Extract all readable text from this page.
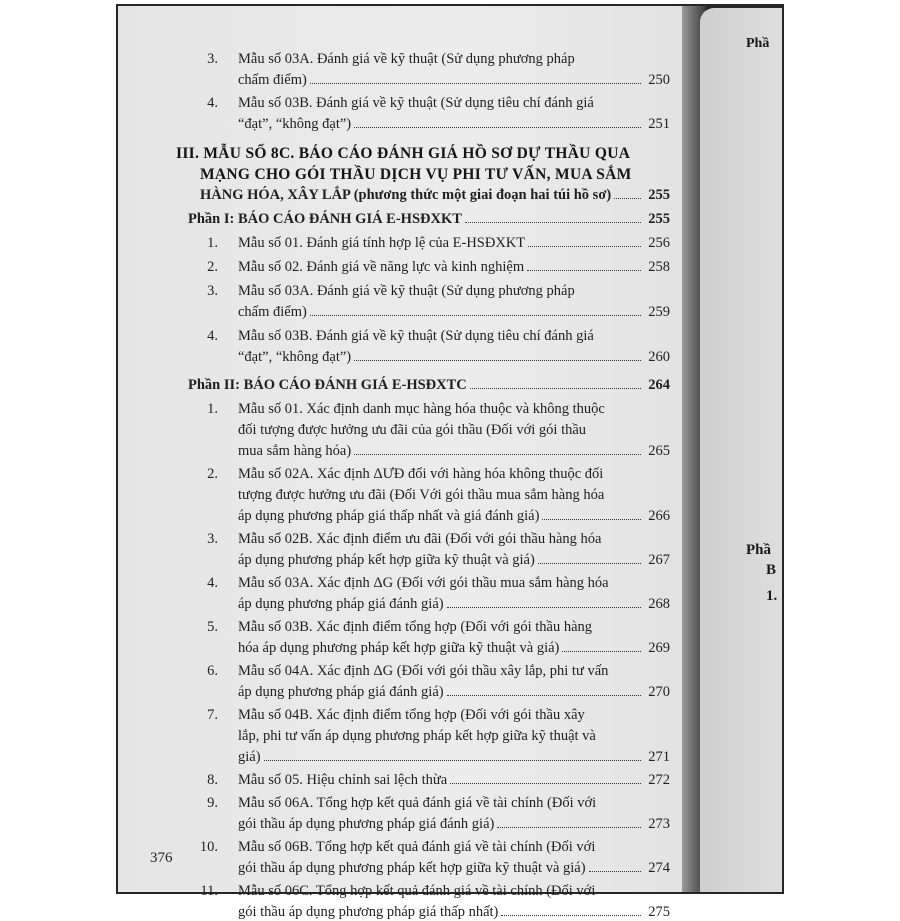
3. Mẫu số 03A. Đánh giá về kỹ thuật (Sử dụng phương pháp
chấm điểm)	250
4. Mẫu số 03B. Đánh giá về kỹ thuật (Sử dụng tiêu chí đánh giá
“đạt”, “không đạt”)	251
III. MẪU SỐ 8C. BÁO CÁO ĐÁNH GIÁ HỒ SƠ DỰ THẦU QUA
MẠNG CHO GÓI THẦU DỊCH VỤ PHI TƯ VẤN, MUA SẮM
HÀNG HÓA, XÂY LẮP (phương thức một giai đoạn hai túi hồ sơ)	255
Phần I: BÁO CÁO ĐÁNH GIÁ E-HSĐXKT	255
1. Mẫu số 01. Đánh giá tính hợp lệ của E-HSĐXKT	256
2. Mẫu số 02. Đánh giá về năng lực và kinh nghiệm	258
3. Mẫu số 03A. Đánh giá về kỹ thuật (Sử dụng phương pháp
chấm điểm)	259
4. Mẫu số 03B. Đánh giá về kỹ thuật (Sử dụng tiêu chí đánh giá
“đạt”, “không đạt”)	260
Phần II: BÁO CÁO ĐÁNH GIÁ E-HSĐXTC	264
1. Mẫu số 01. Xác định danh mục hàng hóa thuộc và không thuộc
đối tượng được hưởng ưu đãi của gói thầu (Đối với gói thầu
mua sắm hàng hóa)	265
2. Mẫu số 02A. Xác định ΔƯĐ đối với hàng hóa không thuộc đối
tượng được hưởng ưu đãi (Đối Với gói thầu mua sắm hàng hóa
áp dụng phương pháp giá thấp nhất và giá đánh giá)	266
3. Mẫu số 02B. Xác định điểm ưu đãi (Đối với gói thầu hàng hóa
áp dụng phương pháp kết hợp giữa kỹ thuật và giá)	267
4. Mẫu số 03A. Xác định ΔG (Đối với gói thầu mua sắm hàng hóa
áp dụng phương pháp giá đánh giá)	268
5. Mẫu số 03B. Xác định điểm tổng hợp (Đối với gói thầu hàng
hóa áp dụng phương pháp kết hợp giữa kỹ thuật và giá)	269
6. Mẫu số 04A. Xác định ΔG (Đối với gói thầu xây lắp, phi tư vấn
áp dụng phương pháp giá đánh giá)	270
7. Mẫu số 04B. Xác định điểm tổng hợp (Đối với gói thầu xây
lắp, phi tư vấn áp dụng phương pháp kết hợp giữa kỹ thuật và
giá)	271
8. Mẫu số 05. Hiệu chỉnh sai lệch thừa	272
9. Mẫu số 06A. Tổng hợp kết quả đánh giá về tài chính (Đối với
gói thầu áp dụng phương pháp giá đánh giá)	273
10. Mẫu số 06B. Tổng hợp kết quả đánh giá về tài chính (Đối với
gói thầu áp dụng phương pháp kết hợp giữa kỹ thuật và giá)	274
11. Mẫu số 06C. Tổng hợp kết quả đánh giá về tài chính (Đối với
gói thầu áp dụng phương pháp giá thấp nhất)	275
376
Phầ
Phầ
B
1.
